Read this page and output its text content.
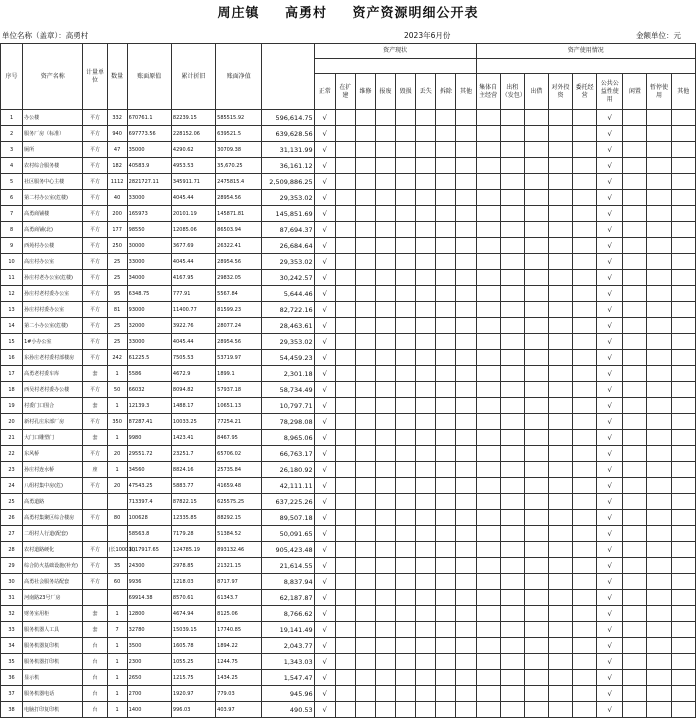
周庄镇 高勇村 资产资源明细公开表
单位名称（盖章）：高勇村	2023年6月份	金额单位：元
序号	资产名称	计量单位	数量	账面原值	累计折旧	账面净值		资产现状								资产使用情况								

								正常	在扩建	维修	报废	毁损	丢失	拆除	其他	集体自主经营	出租（发包）	出借	对外投资	委托经营	公共公益性使用	闲置	暂停使用	其他
1	办公楼	平方	332	670761.1	82239.15	585515.92	596,614.75	√													√			
2	服务厂房（标准）	平方	940	697773.56	228152.06	639521.5	639,628.56	√													√			
3	厕所	平方	47	35000	4290.62	30709.38	31,131.99	√													√			
4	农村综合服务楼	平方	182	40583.9	4953.53	35,670.25	36,161.12	√													√			
5	社区服务中心主楼	平方	1112	2821727.11	345911.71	2475815.4	2,509,886.25	√													√			
6	第二村办公室(危楼)	平方	40	33000	4045.44	28954.56	29,353.02	√													√			
7	高勇商铺楼	平方	200	165973	20101.19	145871.81	145,851.69	√													√			
8	高勇商铺(北)	平方	177	98550	12085.06	86503.94	87,694.37	√													√			
9	西苑村办公楼	平方	250	30000	3677.69	26322.41	26,684.64	√													√			
10	高庄村办公室	平方	25	33000	4045.44	28954.56	29,353.02	√													√			
11	孙庄村老办公室(危楼)	平方	25	34000	4167.95	29832.05	30,242.57	√													√			
12	孙庄村老村委办公室	平方	95	6348.75	777.91	5567.84	5,644.46	√													√			
13	孙庄村村委办公室	平方	81	93000	11400.77	81599.23	82,722.16	√													√			
14	第二小办公室(危楼)	平方	25	32000	3922.76	28077.24	28,463.61	√													√			
15	1#小办公室	平方	25	33000	4045.44	28954.56	29,353.02	√													√			
16	东孙庄老村委村部楼房	平方	242	61225.5	7505.53	53719.97	54,459.23	√													√			
17	高勇老村委车库	套	1	5586	4672.9	1899.1	2,301.18	√													√			
18	西吴村老村委办公楼	平方	50	66032	8094.82	57937.18	58,734.49	√													√			
19	村委门口围合	套	1	12139.3	1488.17	10651.13	10,797.71	√													√			
20	新村孔庄东部厂房	平方	350	87287.41	10033.25	77254.21	78,298.08	√													√			
21	大门口雕塑门	套	1	9980	1423.41	8467.95	8,965.06	√													√			
22	东风桥	平方	20	29551.72	23251.7	65706.02	66,763.17	√													√			
23	孙庄村连水桥	座	1	34560	8824.16	25735.84	26,180.92	√													√			
24	八组村集中房(危)	平方	20	47543.25	5883.77	41659.48	42,111.11	√													√			
25	高勇道路			713397.4	87822.15	625575.25	637,225.26	√													√			
26	高勇村集聚区综合楼房	平方	80	100628	12335.85	88292.15	89,507.18	√													√			
27	二组村人行道(配套)			58563.8	7179.28	51384.52	50,091.65	√													√			
28	农村道路硬化	平方	(长1000米)	1017917.65	124785.19	893132.46	905,423.48	√													√			
29	综合防火基础设施(补充)	平方	35	24300	2978.85	21321.15	21,614.55	√													√			
30	高勇社会服务站配套	平方	60	9936	1218.03	8717.97	8,837.94	√													√			
31	河南路23号厂房			69914.38	8570.61	61343.7	62,187.87	√													√			
32	财务室用柜	套	1	12800	4674.94	8125.06	8,766.62	√													√			
33	服务机器人工具	套	7	32780	15039.15	17740.85	19,141.49	√													√			
34	服务机器复印机	台	1	3500	1605.78	1894.22	2,043.77	√													√			
35	服务机器打印机	台	1	2300	1055.25	1244.75	1,343.03	√													√			
36	显示机	台	1	2650	1215.75	1434.25	1,547.47	√													√			
37	服务机器电话	台	1	2700	1920.97	779.03	945.96	√													√			
38	电脑打印复印机	台	1	1400	996.03	403.97	490.53	√													√			
